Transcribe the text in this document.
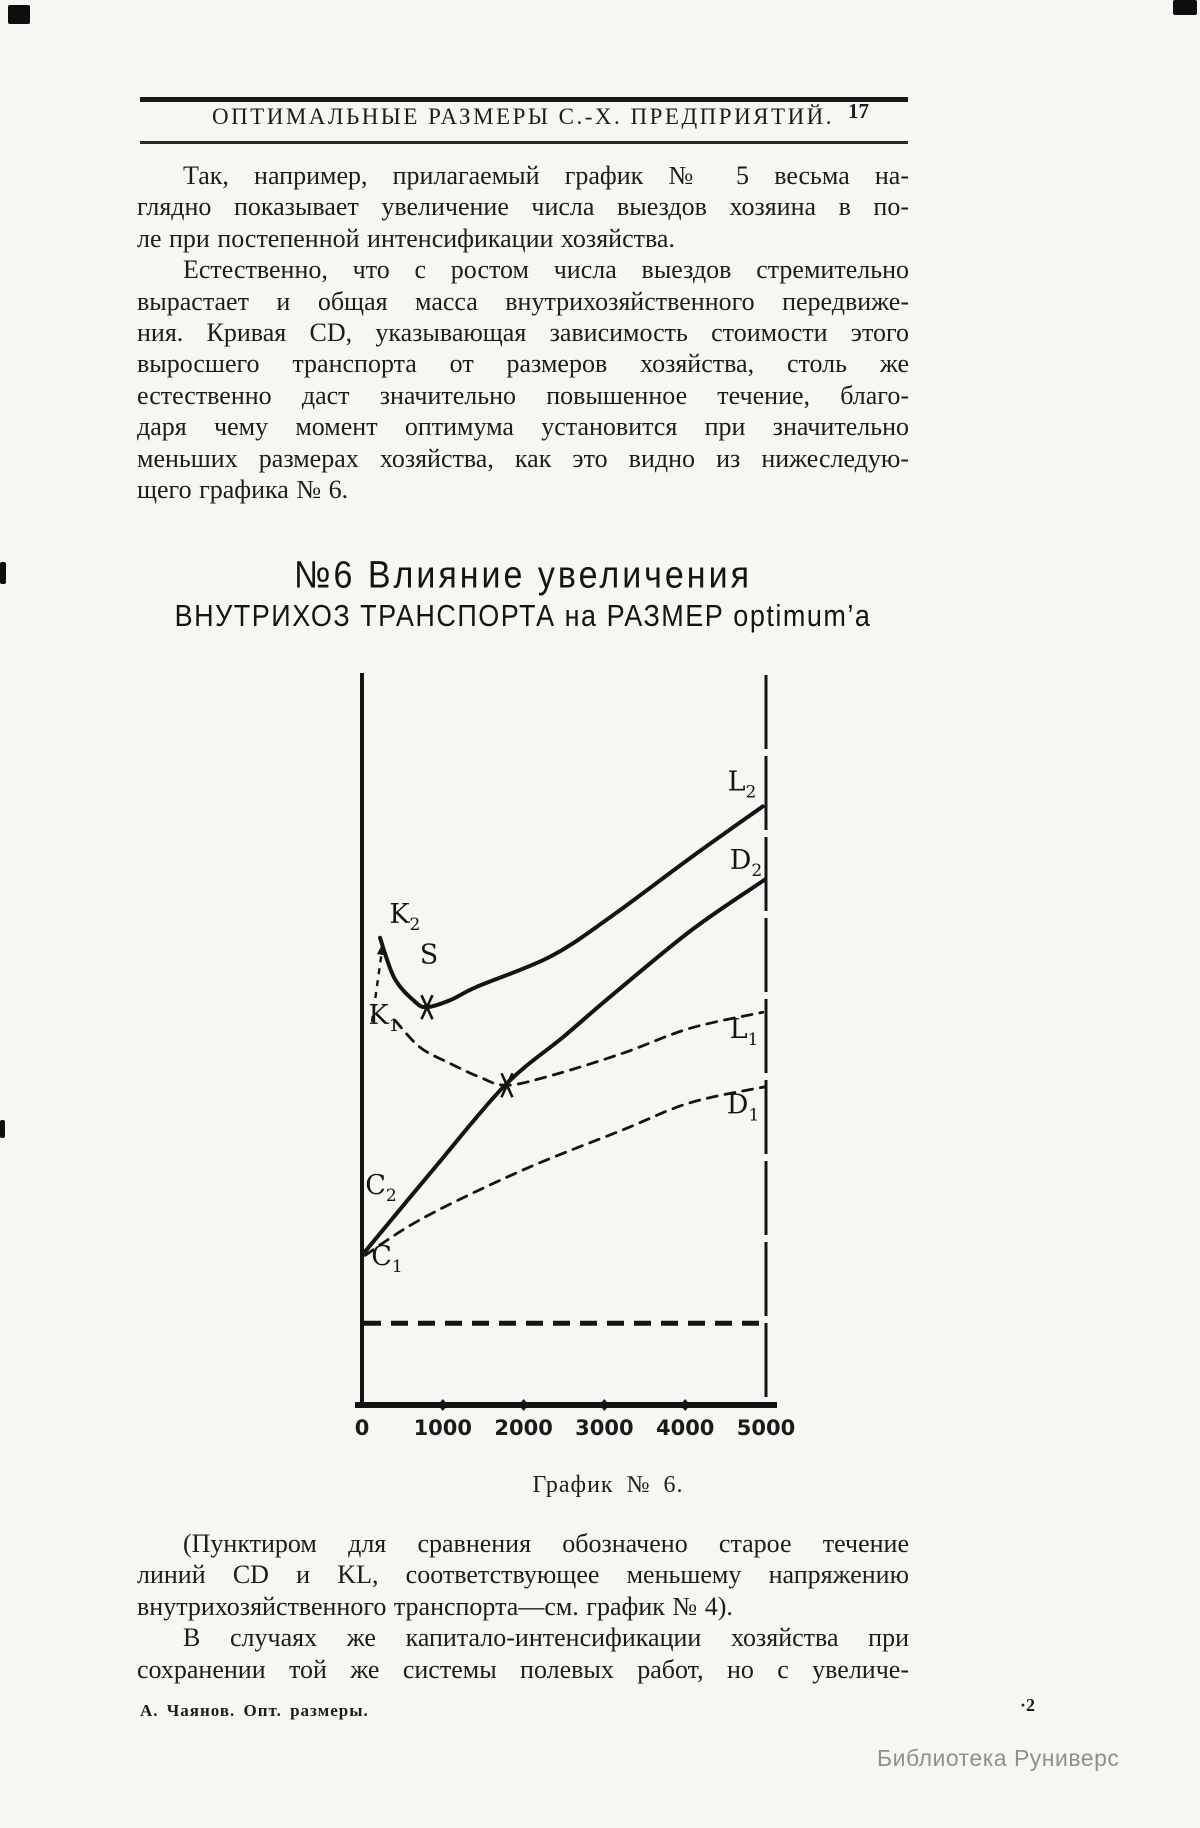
ОПТИМАЛЬНЫЕ РАЗМЕРЫ С.-Х. ПРЕДПРИЯТИЙ. 17
Так, например, прилагаемый график № 5 весьма на-
глядно показывает увеличение числа выездов хозяина в по-
ле при постепенной интенсификации хозяйства.
Естественно, что с ростом числа выездов стремительно
вырастает и общая масса внутрихозяйственного передвиже-
ния. Кривая CD, указывающая зависимость стоимости этого
выросшего транспорта от размеров хозяйства, столь же
естественно даст значительно повышенное течение, благо-
даря чему момент оптимума установится при значительно
меньших размерах хозяйства, как это видно из нижеследую-
щего графика № 6.
№6 Влияние увеличения
ВНУТРИХОЗ ТРАНСПОРТА на РАЗМЕР optimum’а
0 1000 2000 3000 4000 5000
$K_2$
$L_2$
$C_2$
$D_2$
$K_1$	$L_1$
$C_1$
$D_1$
S
График № 6.
(Пунктиром для сравнения обозначено старое течение
линий CD и KL, соответствующее меньшему напряжению
внутрихозяйственного транспорта—см. график № 4).
В случаях же капитало-интенсификации хозяйства при
сохранении той же системы полевых работ, но с увеличе-
А. Чаянов. Опт. размеры.	·2
Библиотека Руниверс
